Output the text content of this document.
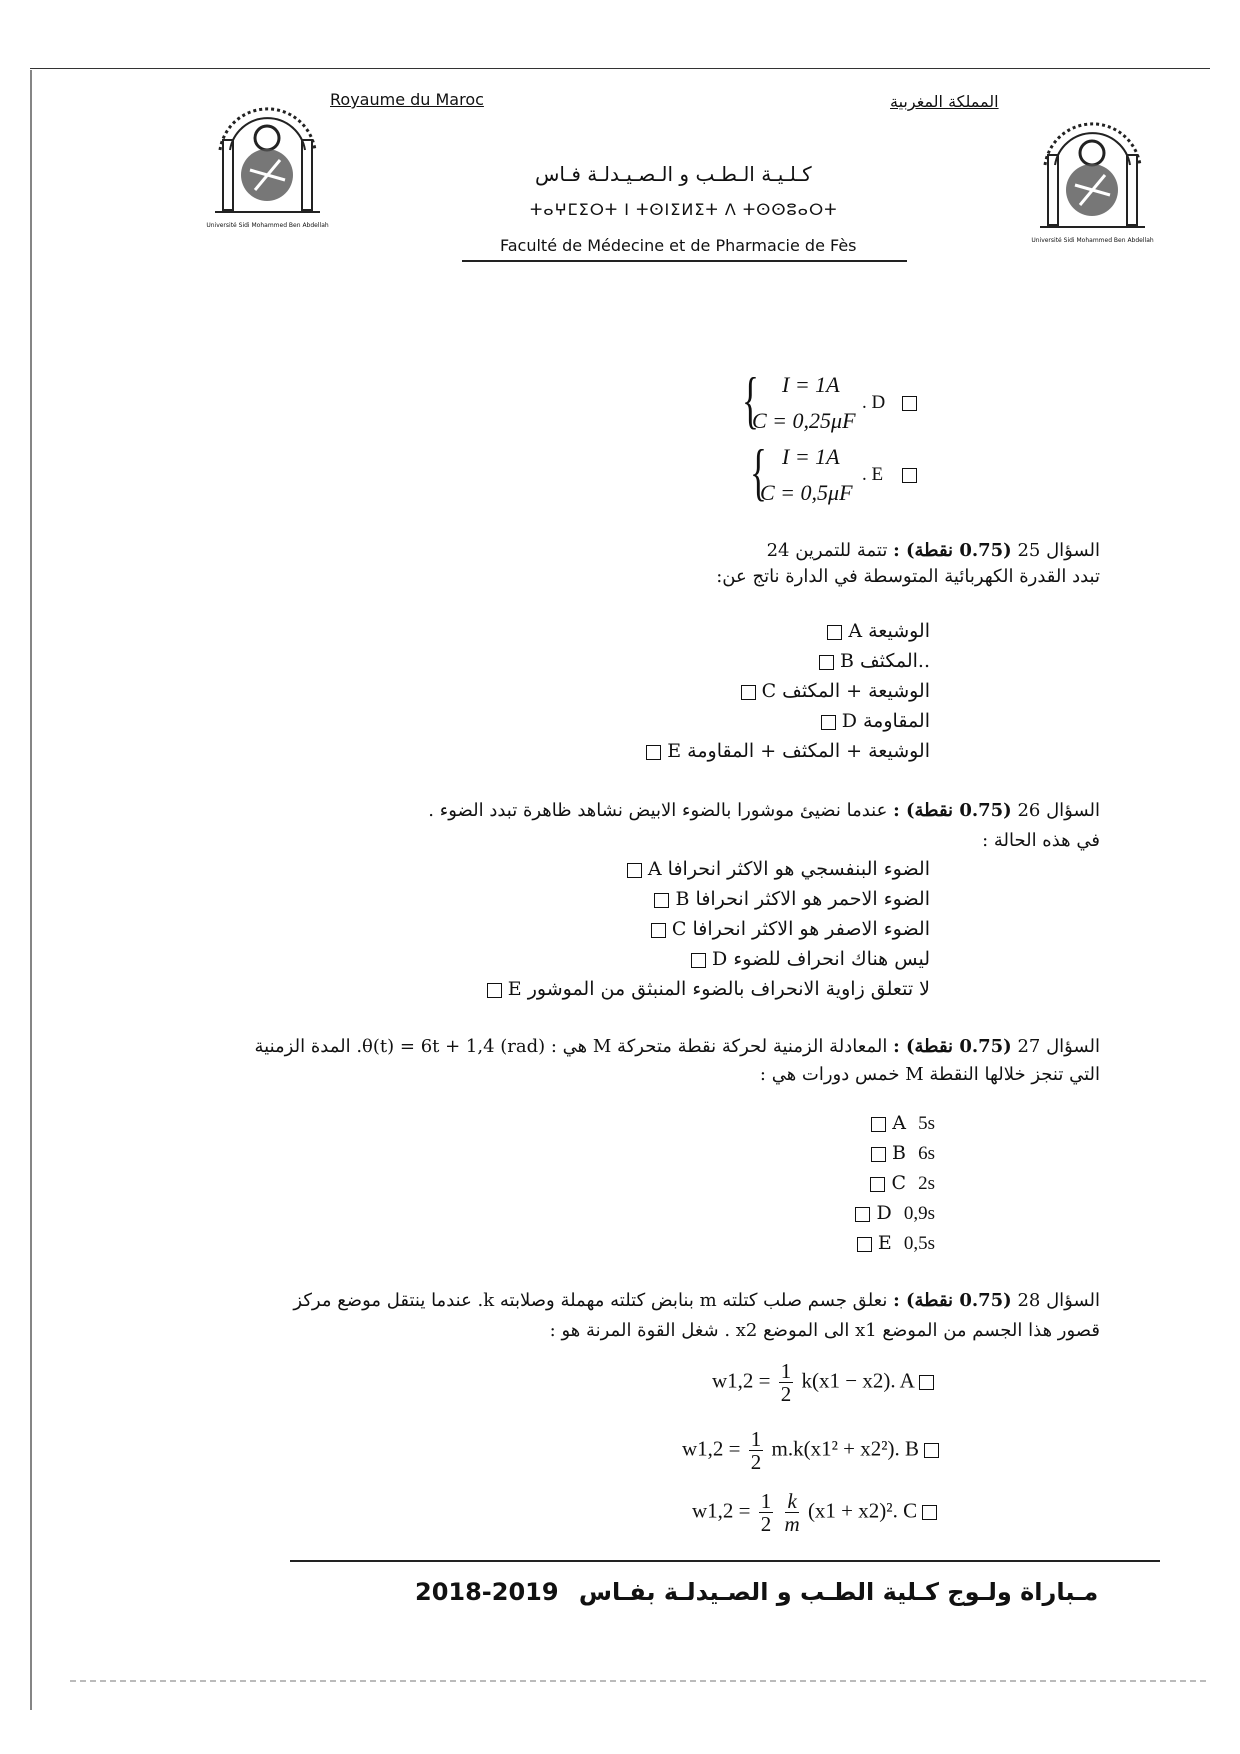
Université Sidi Mohammed Ben Abdellah
Université Sidi Mohammed Ben Abdellah
Royaume du Maroc	المملكة المغربية
كـلـيـة الـطـب و الـصـيـدلـة فـاس
ⵜⴰⵖⵎⵉⵔⵜ ⵏ ⵜⵙⵏⵉⵍⵉⵜ ⴷ ⵜⵙⵙⵓⴰⵔⵜ
Faculté de Médecine et de Pharmacie de Fès
{ I = 1A
C = 0,25μF
. D
{ I = 1A
C = 0,5μF
. E
السؤال 25 (0.75 نقطة) : تتمة للتمرين 24
تبدد القدرة الكهربائية المتوسطة في الدارة ناتج عن:
A الوشيعة
B المكثف..
C الوشيعة + المكثف
D المقاومة
E الوشيعة + المكثف + المقاومة
السؤال 26 (0.75 نقطة) : عندما نضيئ موشورا بالضوء الابيض نشاهد ظاهرة تبدد الضوء .
في هذه الحالة :
A الضوء البنفسجي هو الاكثر انحرافا
B الضوء الاحمر هو الاكثر انحرافا
C الضوء الاصفر هو الاكثر انحرافا
D ليس هناك انحراف للضوء
E لا تتعلق زاوية الانحراف بالضوء المنبثق من الموشور
السؤال 27 (0.75 نقطة) : المعادلة الزمنية لحركة نقطة متحركة M هي : θ(t) = 6t + 1,4 (rad). المدة الزمنية
التي تنجز خلالها النقطة M خمس دورات هي :
A 5s
B 6s
C 2s
D 0,9s
E 0,5s
السؤال 28 (0.75 نقطة) : نعلق جسم صلب كتلته m بنابض كتلته مهملة وصلابته k. عندما ينتقل موضع مركز
قصور هذا الجسم من الموضع x1 الى الموضع x2 . شغل القوة المرنة هو :
$w1,2 = \frac{1}{2} k(x1 - x2)$. A
$w1,2 = \frac{1}{2} m.k(x1^2 + x2^2)$. B
$w1,2 = \frac{1}{2}$
$\frac{k}{m} (x1 + x2)^2$. C
2018-2019 مـباراة ولـوج كـلية الطـب و الصـيدلـة بفـاس
